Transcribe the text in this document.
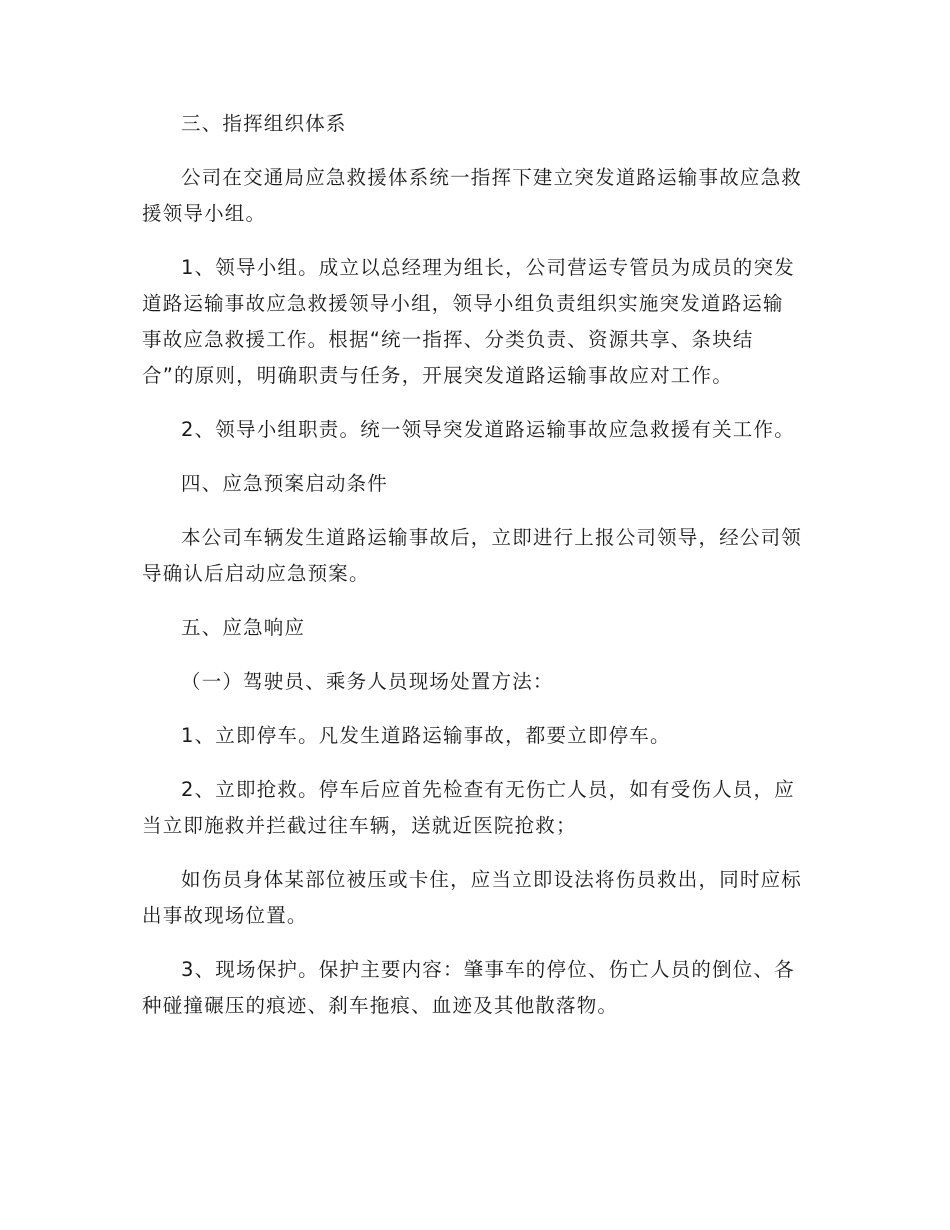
三、指挥组织体系

公司在交通局应急救援体系统一指挥下建立突发道路运输事故应急救援领导小组。

1、领导小组。成立以总经理为组长，公司营运专管员为成员的突发道路运输事故应急救援领导小组，领导小组负责组织实施突发道路运输事故应急救援工作。根据“统一指挥、分类负责、资源共享、条块结合”的原则，明确职责与任务，开展突发道路运输事故应对工作。

2、领导小组职责。统一领导突发道路运输事故应急救援有关工作。

四、应急预案启动条件

本公司车辆发生道路运输事故后，立即进行上报公司领导，经公司领导确认后启动应急预案。

五、应急响应

（一）驾驶员、乘务人员现场处置方法：

1、立即停车。凡发生道路运输事故，都要立即停车。

2、立即抢救。停车后应首先检查有无伤亡人员，如有受伤人员，应当立即施救并拦截过往车辆，送就近医院抢救；

如伤员身体某部位被压或卡住，应当立即设法将伤员救出，同时应标出事故现场位置。

3、现场保护。保护主要内容：肇事车的停位、伤亡人员的倒位、各种碰撞碾压的痕迹、刹车拖痕、血迹及其他散落物。
